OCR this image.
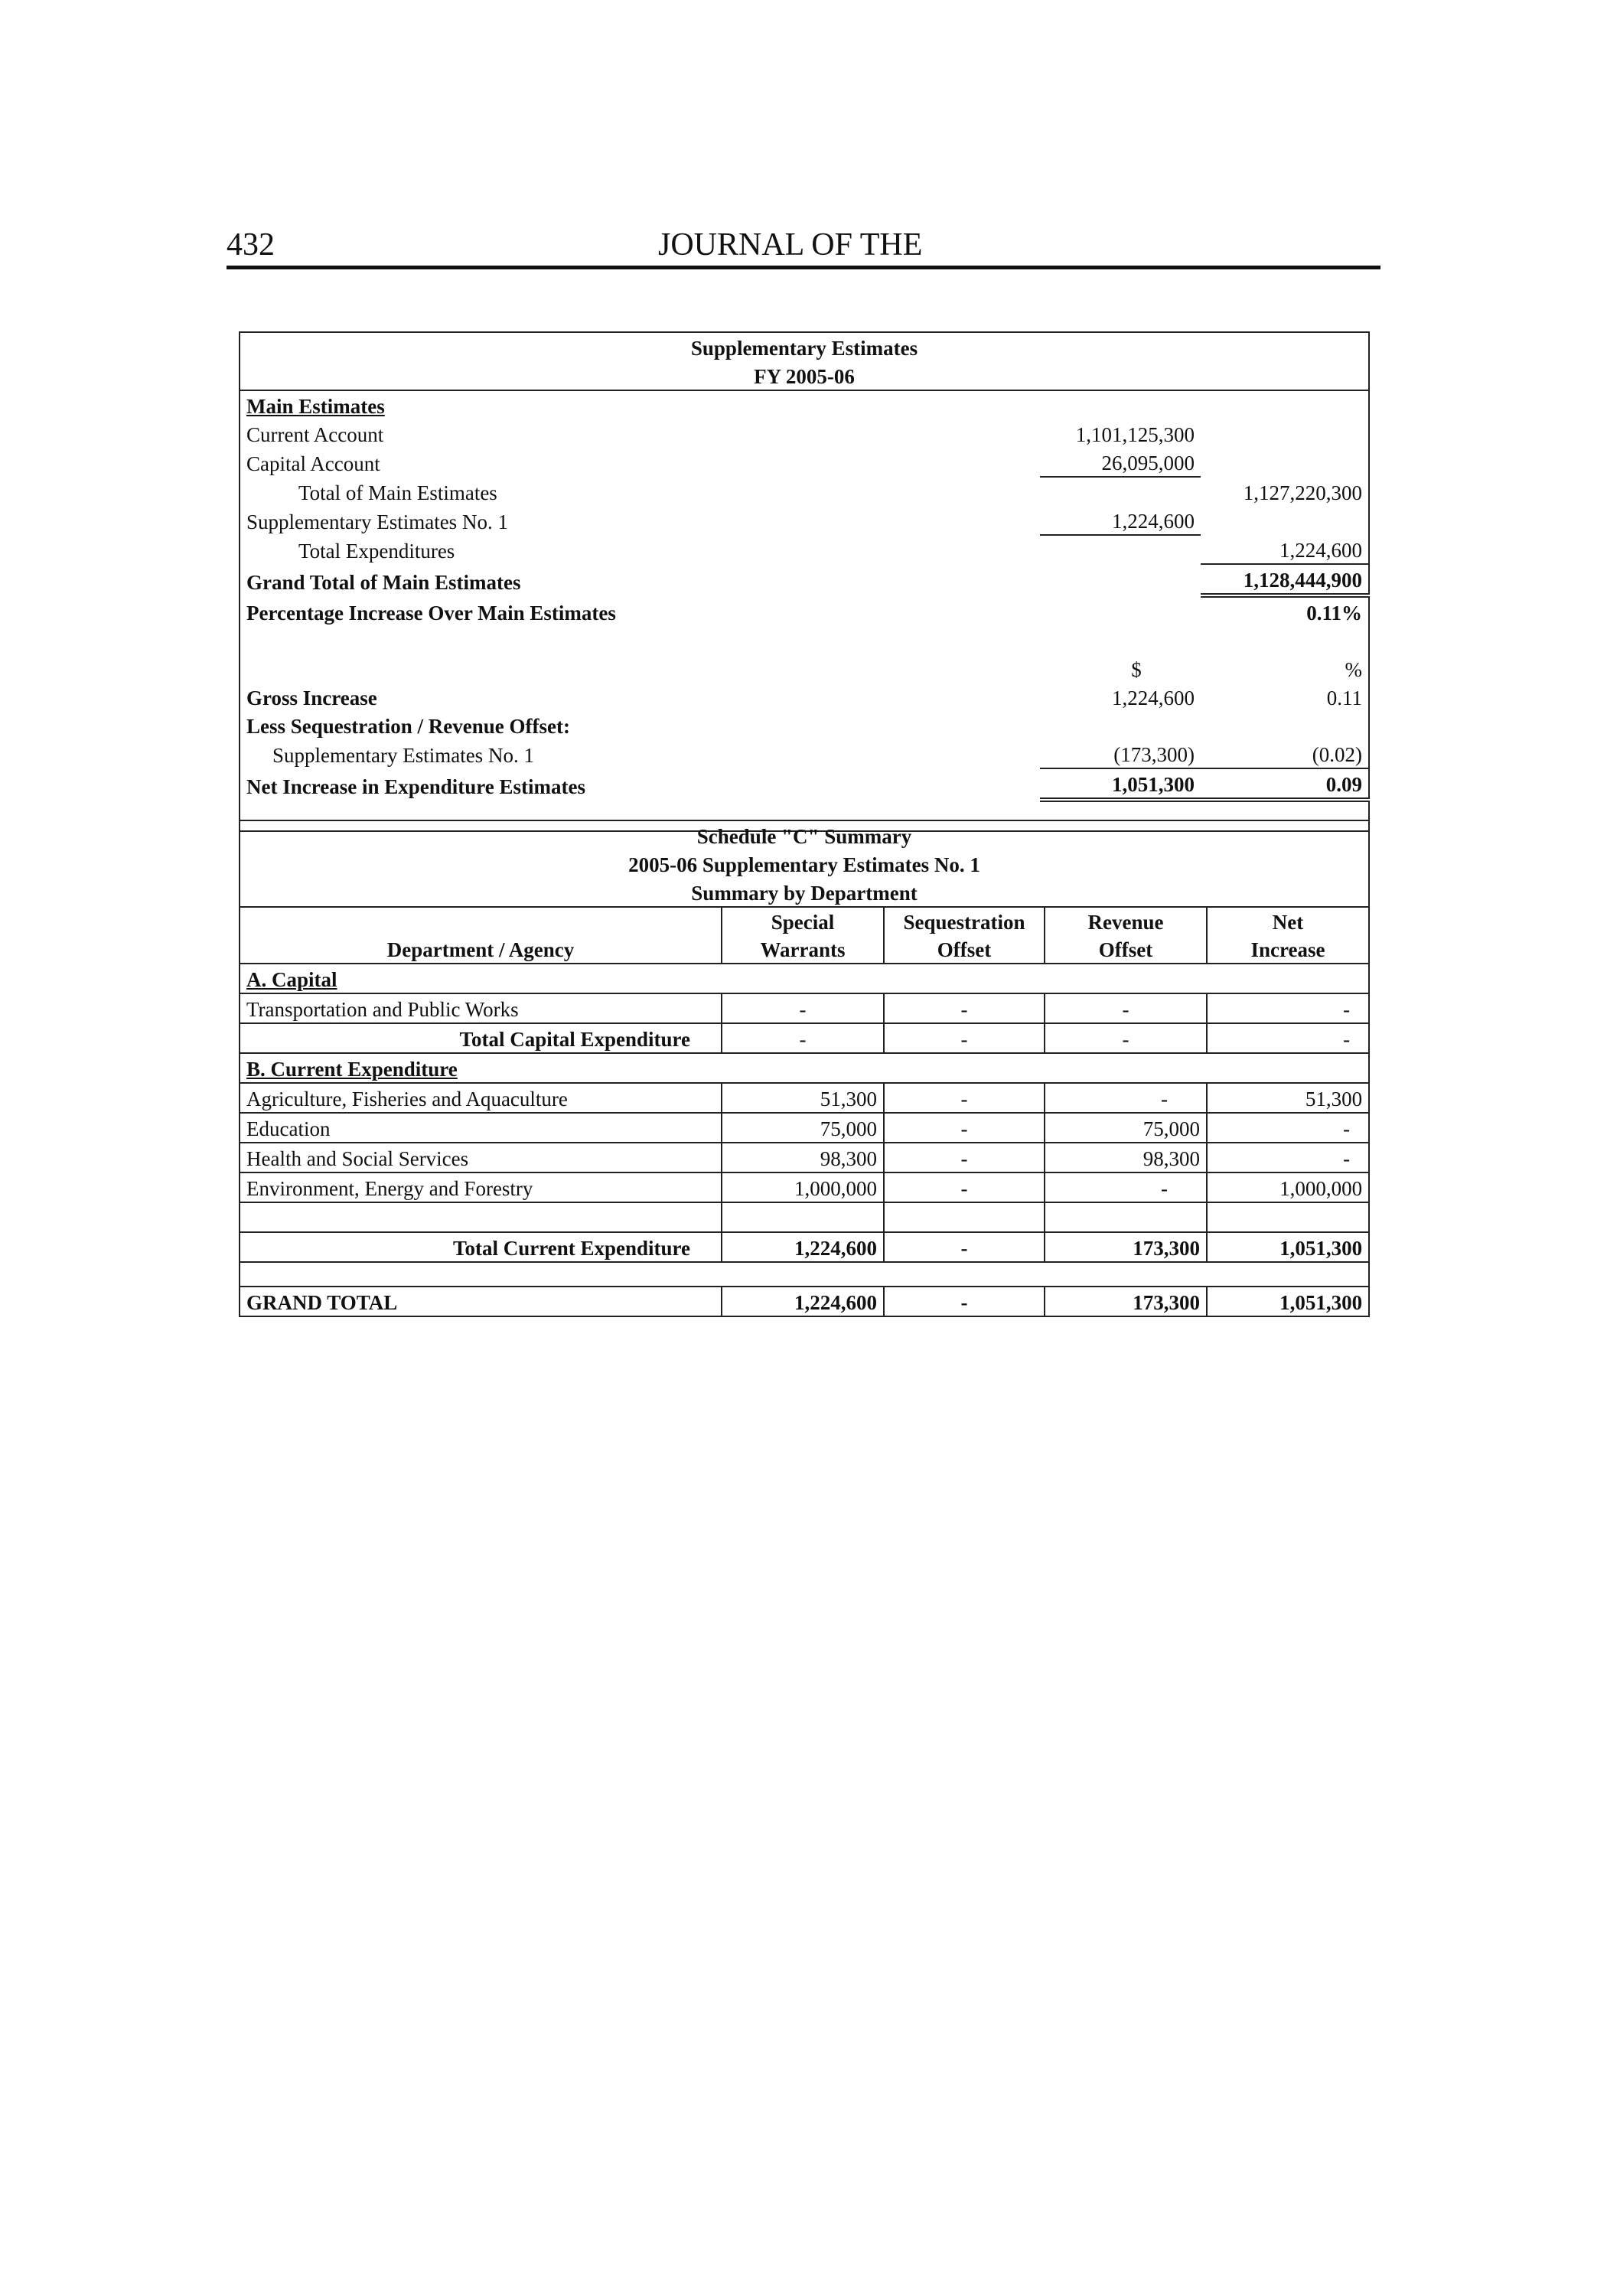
432	JOURNAL OF THE
Supplementary Estimates		
FY 2005-06		
Main Estimates		
Current Account	1,101,125,300	
Capital Account	26,095,000	
Total of Main Estimates		1,127,220,300
Supplementary Estimates No. 1	1,224,600	
Total Expenditures		1,224,600
Grand Total of Main Estimates		1,128,444,900
Percentage Increase Over Main Estimates		0.11%

	$	%
Gross Increase	1,224,600	0.11
Less Sequestration / Revenue Offset:		
Supplementary Estimates No. 1	(173,300)	(0.02)
Net Increase in Expenditure Estimates	1,051,300	0.09

Schedule "C" Summary				
2005-06 Supplementary Estimates No. 1				
Summary by Department				
Department / Agency	Special	Sequestration	Revenue	Net
	Warrants	Offset	Offset	Increase
A. Capital				
Transportation and Public Works	-	-	-	-
Total Capital Expenditure	-	-	-	-
B. Current Expenditure				
Agriculture, Fisheries and Aquaculture	51,300	-	-	51,300
Education	75,000	-	75,000	-
Health and Social Services	98,300	-	98,300	-
Environment, Energy and Forestry	1,000,000	-	-	1,000,000

Total Current Expenditure	1,224,600	-	173,300	1,051,300

GRAND TOTAL	1,224,600	-	173,300	1,051,300
